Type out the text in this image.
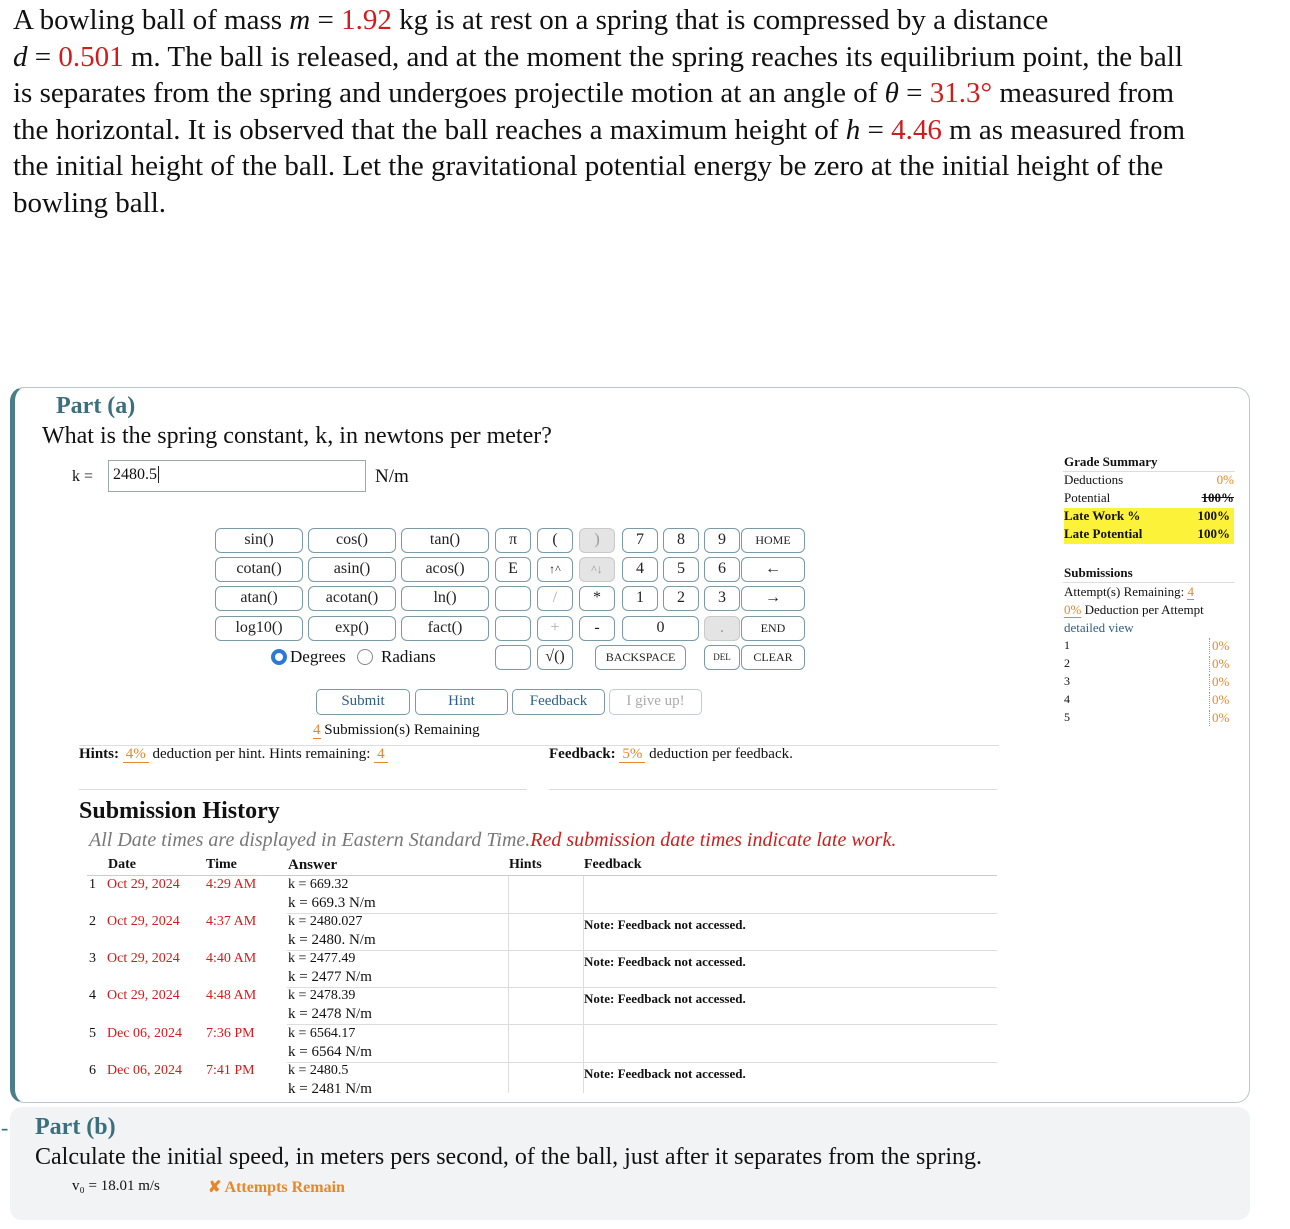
A bowling ball of mass m = 1.92 kg is at rest on a spring that is compressed by a distance
d = 0.501 m. The ball is released, and at the moment the spring reaches its equilibrium point, the ball
is separates from the spring and undergoes projectile motion at an angle of θ = 31.3° measured from
the horizontal. It is observed that the ball reaches a maximum height of h = 4.46 m as measured from
the initial height of the ball. Let the gravitational potential energy be zero at the initial height of the
bowling ball.
Part (a)
What is the spring constant, k, in newtons per meter?
k =	2480.5	N/m
sin()	cos()	tan()
cotan()	asin()	acos()
atan()	acotan()	ln()
log10()	exp()	fact()
Degrees Radians
π	(	)
E	↑^	^↓
/	*
+	-
√()
7	8	9
4	5	6
1	2	3
0	.
BACKSPACE	DEL
HOME
←
→
END
CLEAR
Submit	Hint	Feedback	I give up!
4 Submission(s) Remaining
Hints: 4% deduction per hint. Hints remaining: 4	Feedback: 5% deduction per feedback.
Submission History
All Date times are displayed in Eastern Standard Time.Red submission date times indicate late work.
Date	Time	Answer	Hints	Feedback
1 Oct 29, 2024 4:29 AM k = 669.32
k = 669.3 N/m
2 Oct 29, 2024 4:37 AM k = 2480.027
k = 2480. N/m
Note: Feedback not accessed.
3 Oct 29, 2024 4:40 AM k = 2477.49
k = 2477 N/m
Note: Feedback not accessed.
4 Oct 29, 2024 4:48 AM k = 2478.39
k = 2478 N/m
Note: Feedback not accessed.
5 Dec 06, 2024 7:36 PM k = 6564.17
k = 6564 N/m
6 Dec 06, 2024 7:41 PM k = 2480.5
k = 2481 N/m
Note: Feedback not accessed.
Grade Summary
Deductions	0%
Potential	100%
Late Work %	100%
Late Potential	100%
Submissions
Attempt(s) Remaining: 4
0% Deduction per Attempt
detailed view
1	0%
2	0%
3	0%
4	0%
5	0%
- Part (b)
Calculate the initial speed, in meters pers second, of the ball, just after it separates from the spring.
v₀ = 18.01 m/s	✘ Attempts Remain
